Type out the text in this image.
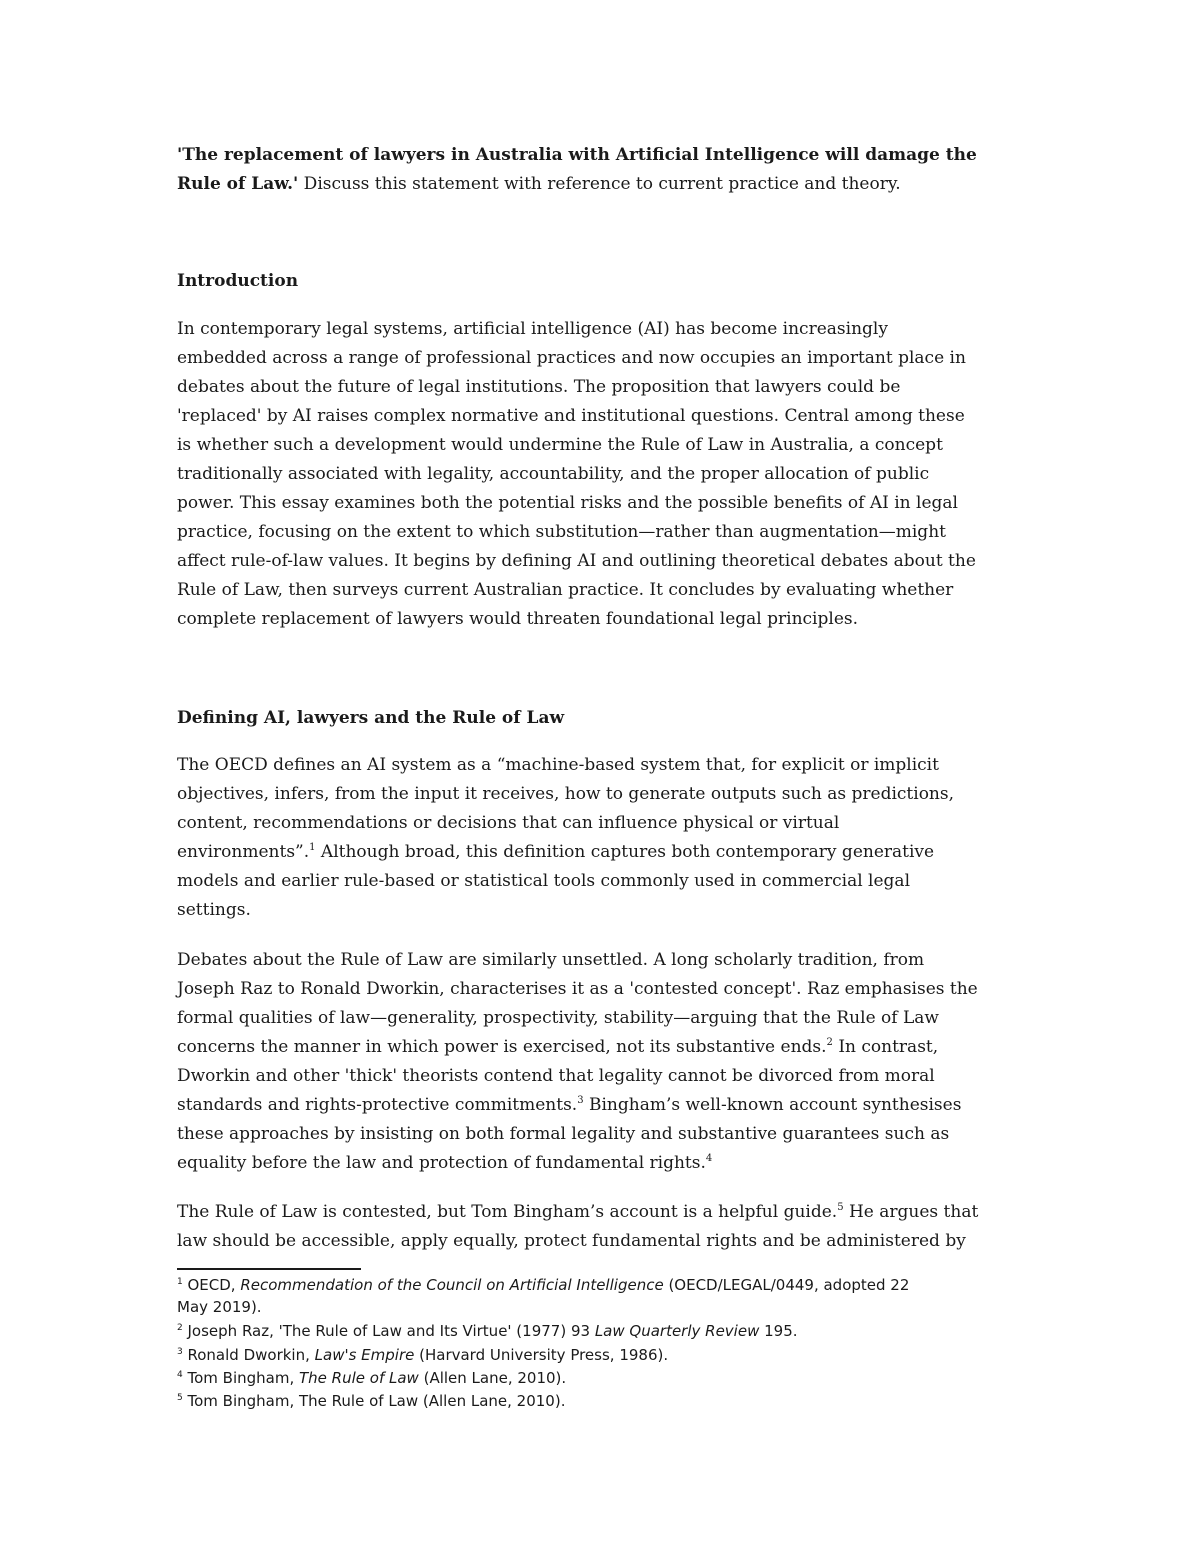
'The replacement of lawyers in Australia with Artificial Intelligence will damage the
Rule of Law.' Discuss this statement with reference to current practice and theory.

Introduction

In contemporary legal systems, artificial intelligence (AI) has become increasingly
embedded across a range of professional practices and now occupies an important place in
debates about the future of legal institutions. The proposition that lawyers could be
'replaced' by AI raises complex normative and institutional questions. Central among these
is whether such a development would undermine the Rule of Law in Australia, a concept
traditionally associated with legality, accountability, and the proper allocation of public
power. This essay examines both the potential risks and the possible benefits of AI in legal
practice, focusing on the extent to which substitution—rather than augmentation—might
affect rule-of-law values. It begins by defining AI and outlining theoretical debates about the
Rule of Law, then surveys current Australian practice. It concludes by evaluating whether
complete replacement of lawyers would threaten foundational legal principles.

Defining AI, lawyers and the Rule of Law

The OECD defines an AI system as a “machine-based system that, for explicit or implicit
objectives, infers, from the input it receives, how to generate outputs such as predictions,
content, recommendations or decisions that can influence physical or virtual
environments”.$^1$ Although broad, this definition captures both contemporary generative
models and earlier rule-based or statistical tools commonly used in commercial legal
settings.

Debates about the Rule of Law are similarly unsettled. A long scholarly tradition, from
Joseph Raz to Ronald Dworkin, characterises it as a 'contested concept'. Raz emphasises the
formal qualities of law—generality, prospectivity, stability—arguing that the Rule of Law
concerns the manner in which power is exercised, not its substantive ends.$^2$ In contrast,
Dworkin and other 'thick' theorists contend that legality cannot be divorced from moral
standards and rights-protective commitments.$^3$ Bingham’s well-known account synthesises
these approaches by insisting on both formal legality and substantive guarantees such as
equality before the law and protection of fundamental rights.$^4$

The Rule of Law is contested, but Tom Bingham’s account is a helpful guide.$^5$ He argues that
law should be accessible, apply equally, protect fundamental rights and be administered by

$^1$ OECD, Recommendation of the Council on Artificial Intelligence (OECD/LEGAL/0449, adopted 22
May 2019).
$^2$ Joseph Raz, 'The Rule of Law and Its Virtue' (1977) 93 Law Quarterly Review 195.
$^3$ Ronald Dworkin, Law's Empire (Harvard University Press, 1986).
$^4$ Tom Bingham, The Rule of Law (Allen Lane, 2010).
$^5$ Tom Bingham, The Rule of Law (Allen Lane, 2010).
